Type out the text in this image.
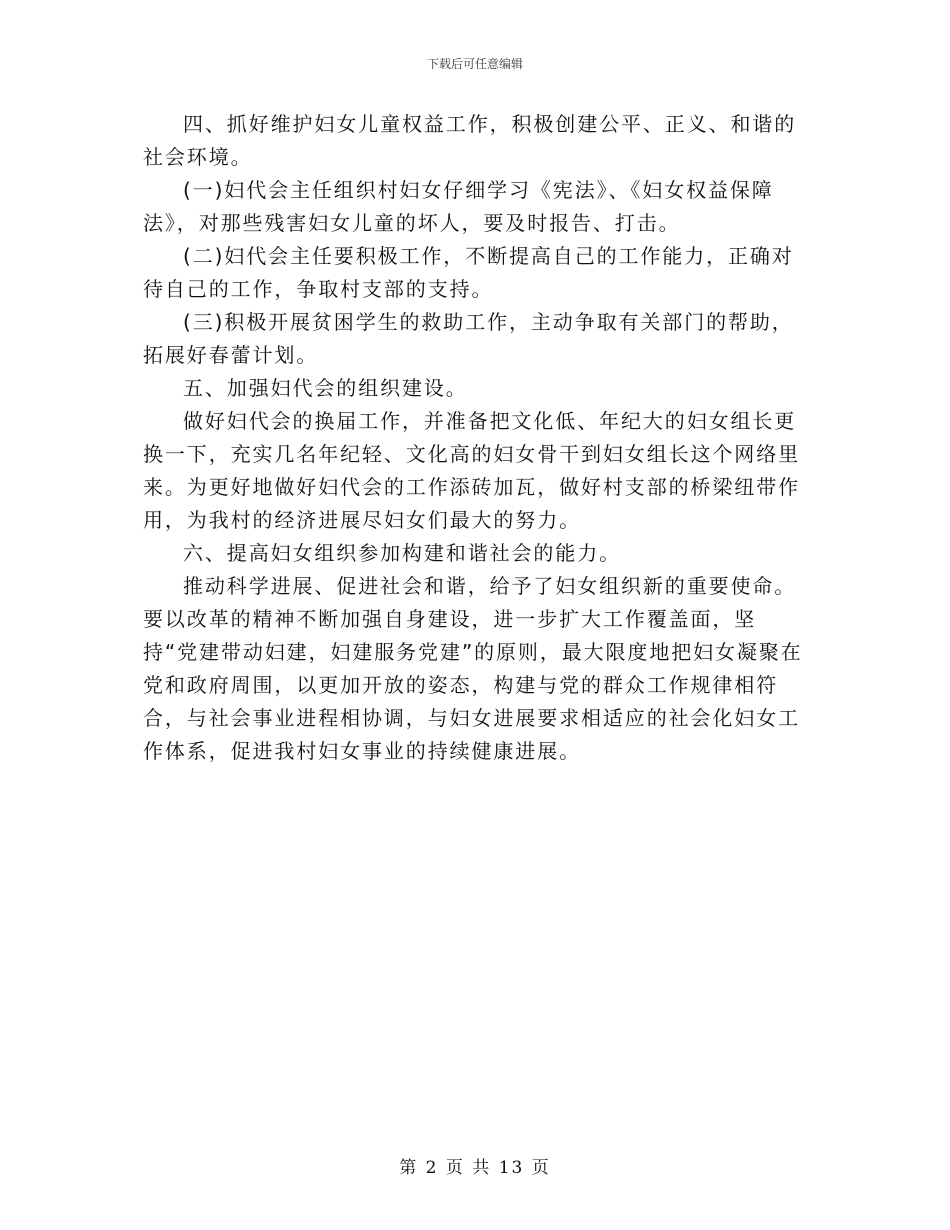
下载后可任意编辑

四、抓好维护妇女儿童权益工作，积极创建公平、正义、和谐的社会环境。

(一)妇代会主任组织村妇女仔细学习《宪法》、《妇女权益保障法》，对那些残害妇女儿童的坏人，要及时报告、打击。

(二)妇代会主任要积极工作，不断提高自己的工作能力，正确对待自己的工作，争取村支部的支持。

(三)积极开展贫困学生的救助工作，主动争取有关部门的帮助，拓展好春蕾计划。

五、加强妇代会的组织建设。

做好妇代会的换届工作，并准备把文化低、年纪大的妇女组长更换一下，充实几名年纪轻、文化高的妇女骨干到妇女组长这个网络里来。为更好地做好妇代会的工作添砖加瓦，做好村支部的桥梁纽带作用，为我村的经济进展尽妇女们最大的努力。

六、提高妇女组织参加构建和谐社会的能力。

推动科学进展、促进社会和谐，给予了妇女组织新的重要使命。要以改革的精神不断加强自身建设，进一步扩大工作覆盖面，坚持“党建带动妇建，妇建服务党建”的原则，最大限度地把妇女凝聚在党和政府周围，以更加开放的姿态，构建与党的群众工作规律相符合，与社会事业进程相协调，与妇女进展要求相适应的社会化妇女工作体系，促进我村妇女事业的持续健康进展。

第 2 页 共 13 页
